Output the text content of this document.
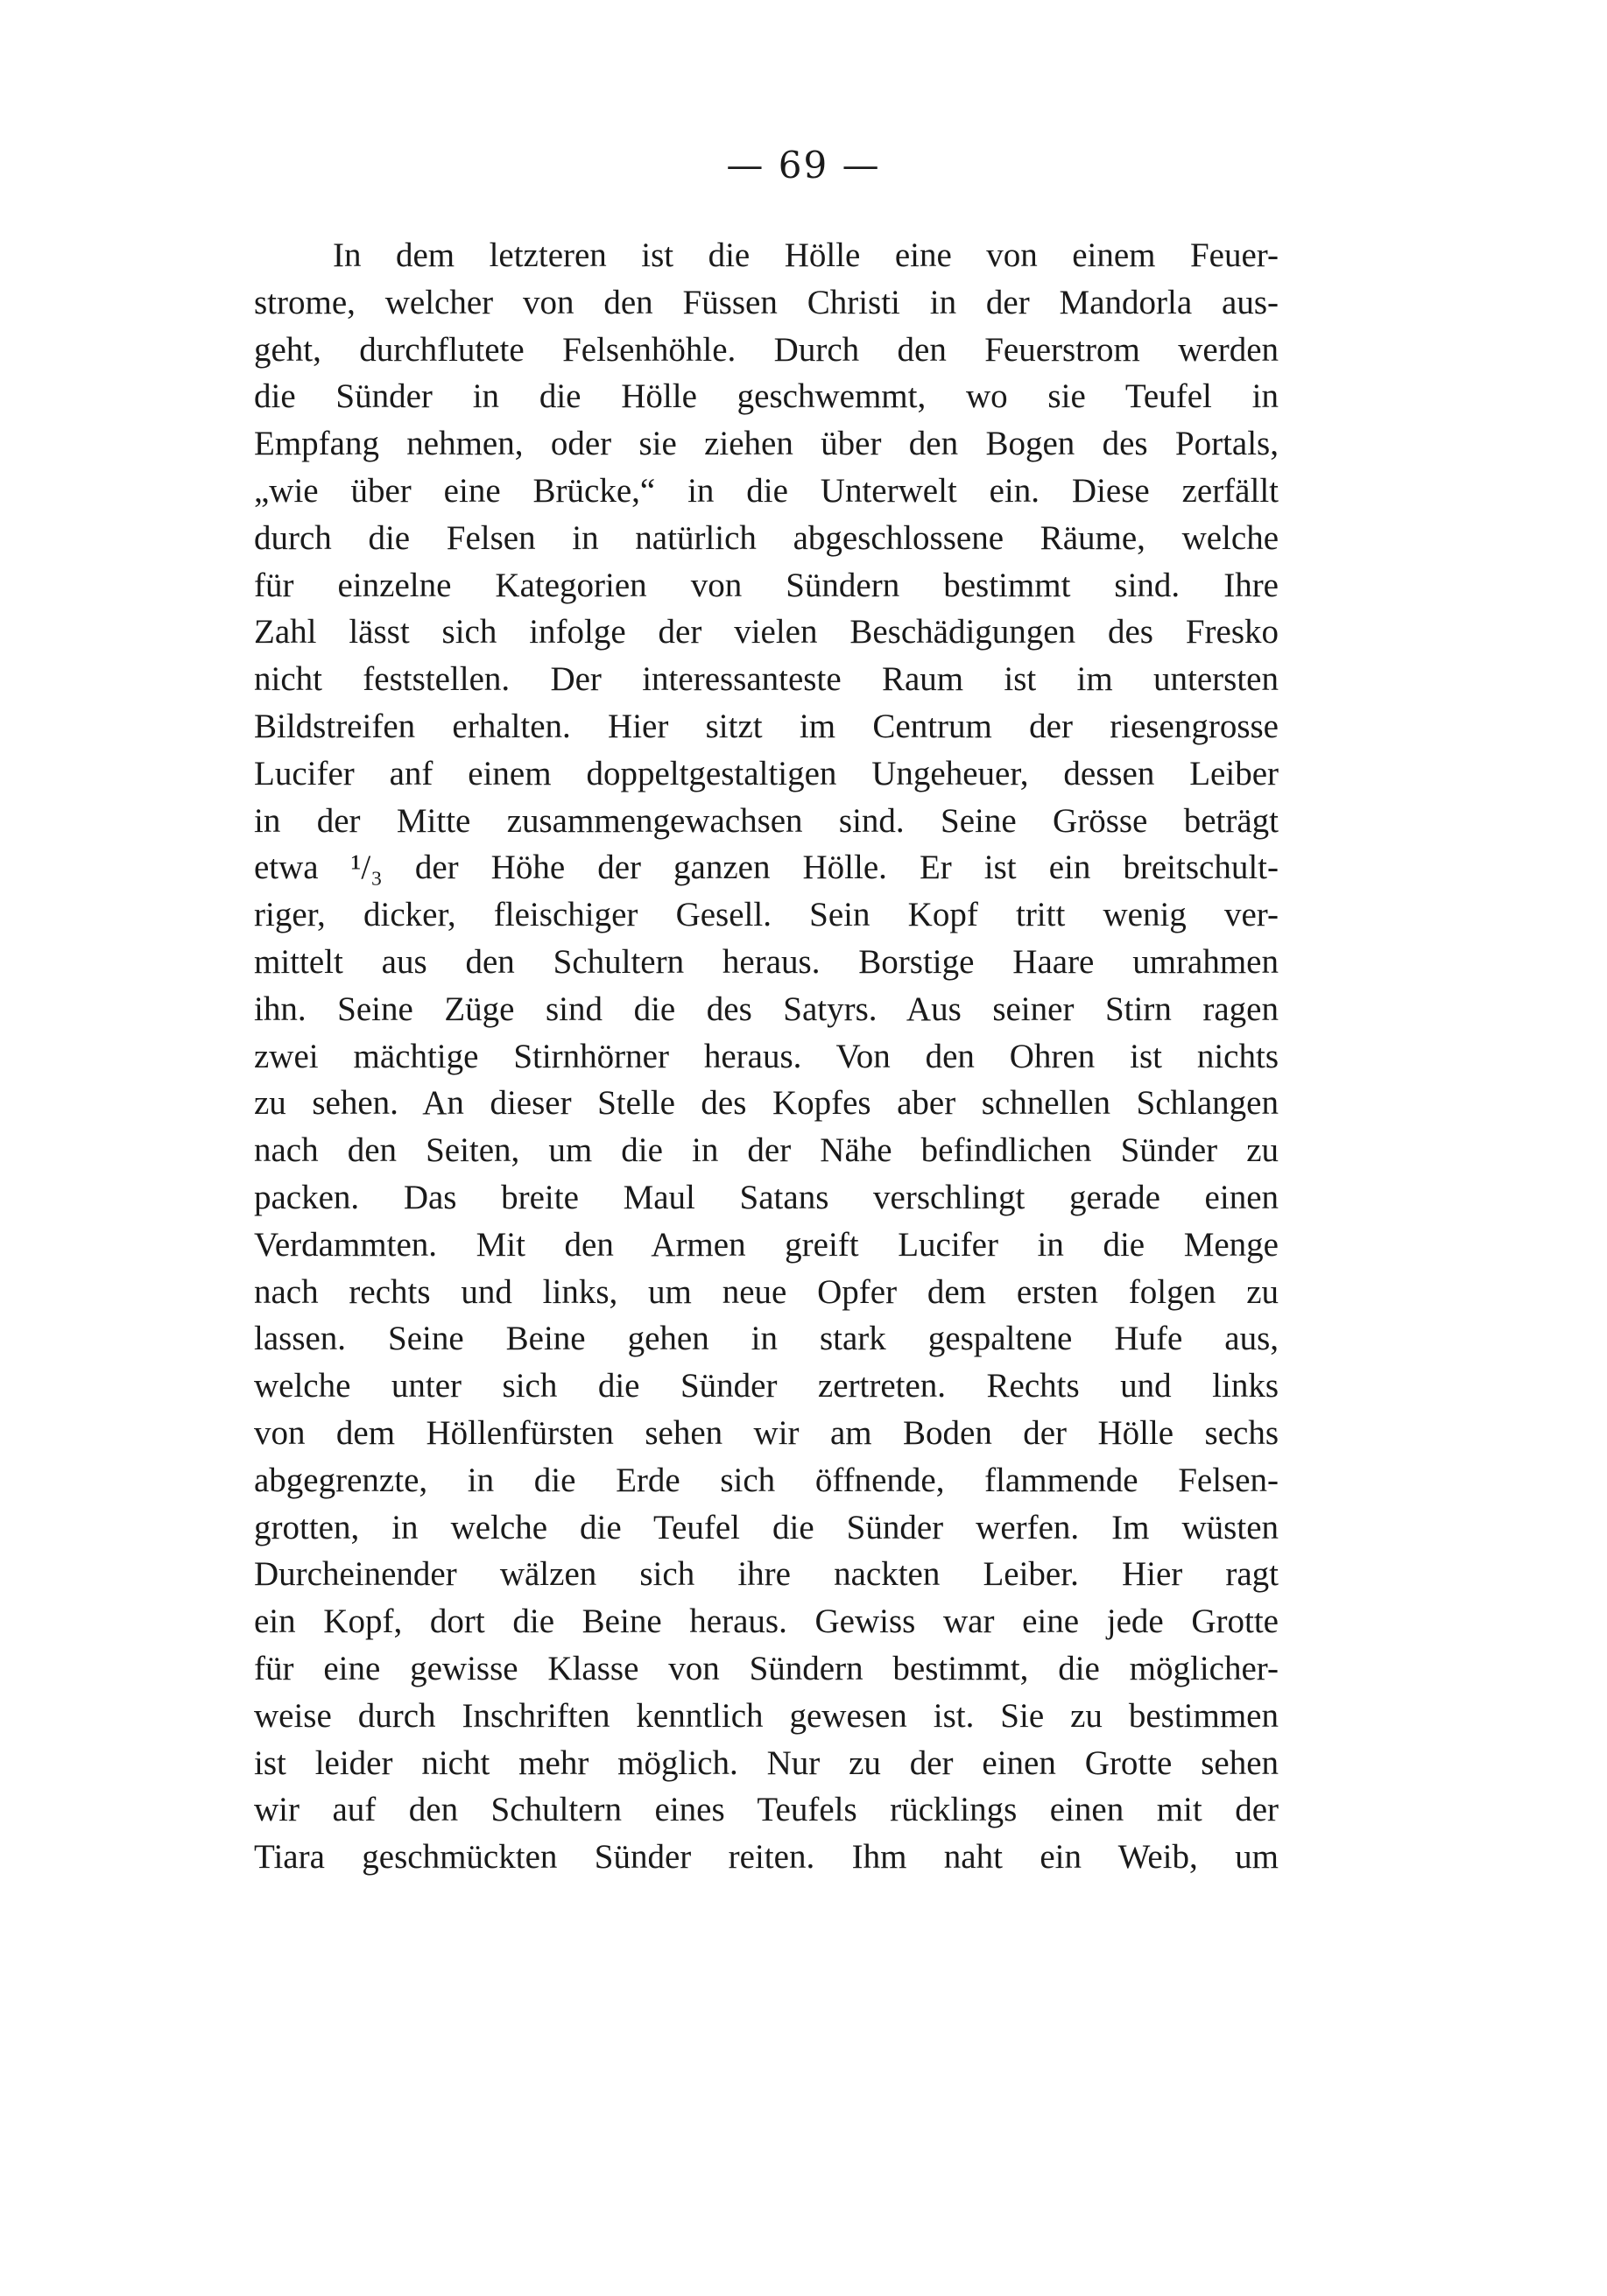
— 69 —
In dem letzteren ist die Hölle eine von einem Feuer-
strome, welcher von den Füssen Christi in der Mandorla aus-
geht, durchflutete Felsenhöhle. Durch den Feuerstrom werden
die Sünder in die Hölle geschwemmt, wo sie Teufel in
Empfang nehmen, oder sie ziehen über den Bogen des Portals,
„wie über eine Brücke,“ in die Unterwelt ein. Diese zerfällt
durch die Felsen in natürlich abgeschlossene Räume, welche
für einzelne Kategorien von Sündern bestimmt sind. Ihre
Zahl lässt sich infolge der vielen Beschädigungen des Fresko
nicht feststellen. Der interessanteste Raum ist im untersten
Bildstreifen erhalten. Hier sitzt im Centrum der riesengrosse
Lucifer anf einem doppeltgestaltigen Ungeheuer, dessen Leiber
in der Mitte zusammengewachsen sind. Seine Grösse beträgt
etwa ¹/₃ der Höhe der ganzen Hölle. Er ist ein breitschult-
riger, dicker, fleischiger Gesell. Sein Kopf tritt wenig ver-
mittelt aus den Schultern heraus. Borstige Haare umrahmen
ihn. Seine Züge sind die des Satyrs. Aus seiner Stirn ragen
zwei mächtige Stirnhörner heraus. Von den Ohren ist nichts
zu sehen. An dieser Stelle des Kopfes aber schnellen Schlangen
nach den Seiten, um die in der Nähe befindlichen Sünder zu
packen. Das breite Maul Satans verschlingt gerade einen
Verdammten. Mit den Armen greift Lucifer in die Menge
nach rechts und links, um neue Opfer dem ersten folgen zu
lassen. Seine Beine gehen in stark gespaltene Hufe aus,
welche unter sich die Sünder zertreten. Rechts und links
von dem Höllenfürsten sehen wir am Boden der Hölle sechs
abgegrenzte, in die Erde sich öffnende, flammende Felsen-
grotten, in welche die Teufel die Sünder werfen. Im wüsten
Durcheinender wälzen sich ihre nackten Leiber. Hier ragt
ein Kopf, dort die Beine heraus. Gewiss war eine jede Grotte
für eine gewisse Klasse von Sündern bestimmt, die möglicher-
weise durch Inschriften kenntlich gewesen ist. Sie zu bestimmen
ist leider nicht mehr möglich. Nur zu der einen Grotte sehen
wir auf den Schultern eines Teufels rücklings einen mit der
Tiara geschmückten Sünder reiten. Ihm naht ein Weib, um
